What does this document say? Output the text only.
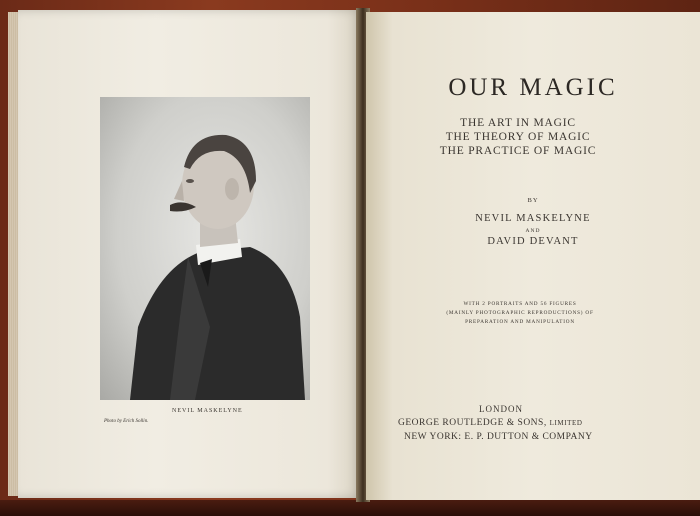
NEVIL MASKELYNE
Photo by Erich Sollin.
OUR MAGIC
THE ART IN MAGIC
THE THEORY OF MAGIC
THE PRACTICE OF MAGIC
BY
NEVIL MASKELYNE
AND
DAVID DEVANT
WITH 2 PORTRAITS AND 56 FIGURES
(MAINLY PHOTOGRAPHIC REPRODUCTIONS) OF
PREPARATION AND MANIPULATION
LONDON
GEORGE ROUTLEDGE & SONS, LIMITED
NEW YORK: E. P. DUTTON & COMPANY
